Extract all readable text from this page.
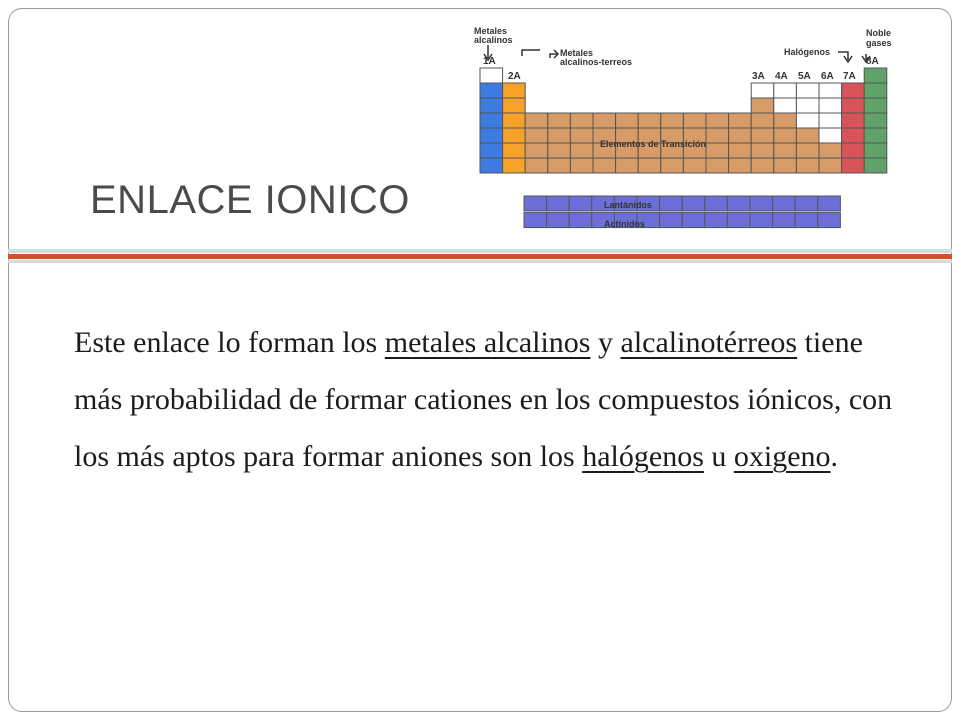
Metales
alcalinos
Metales
alcalinos-terreos
Halógenos
Noble
gases
1A
2A	3A 4A 5A 6A 7A
8A
Elementos de Transición
Lantánidos
Actínidos
ENLACE IONICO

Este enlace lo forman los metales alcalinos y alcalinotérreos tiene más probabilidad de formar cationes en los compuestos iónicos, con los más aptos para formar aniones son los halógenos u oxigeno.
